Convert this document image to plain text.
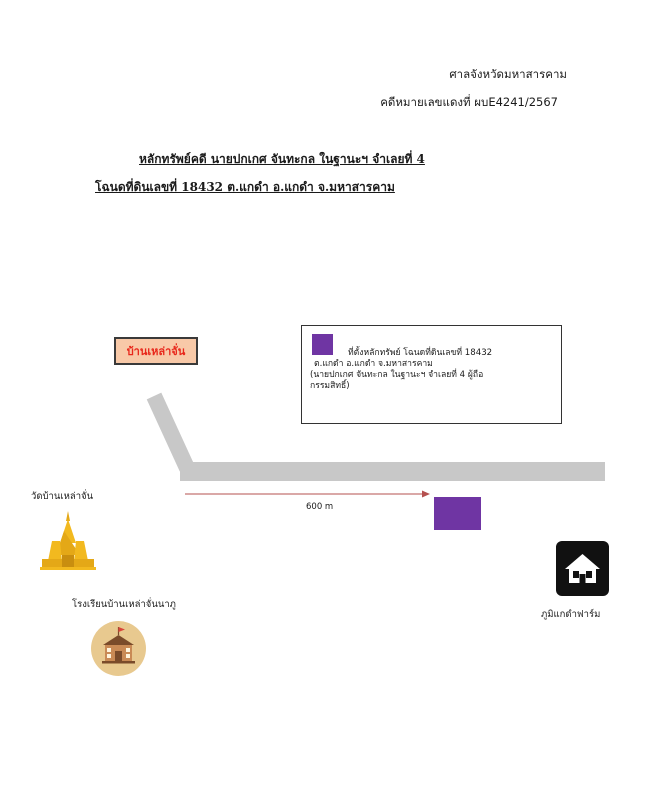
ศาลจังหวัดมหาสารคาม
คดีหมายเลขแดงที่ ผบE4241/2567
หลักทรัพย์คดี นายปกเกศ จันทะกล ในฐานะฯ จำเลยที่ 4
โฉนดที่ดินเลขที่ 18432 ต.แกดำ อ.แกดำ จ.มหาสารคาม
บ้านเหล่าจั่น	ที่ตั้งหลักทรัพย์ โฉนดที่ดินเลขที่ 18432
ต.แกดำ อ.แกดำ จ.มหาสารคาม
(นายปกเกศ จันทะกล ในฐานะฯ จำเลยที่ 4 ผู้ถือ
กรรมสิทธิ์)
600 m
วัดบ้านเหล่าจั่น
โรงเรียนบ้านเหล่าจั่นนาภู
ภูมิแกดำฟาร์ม
